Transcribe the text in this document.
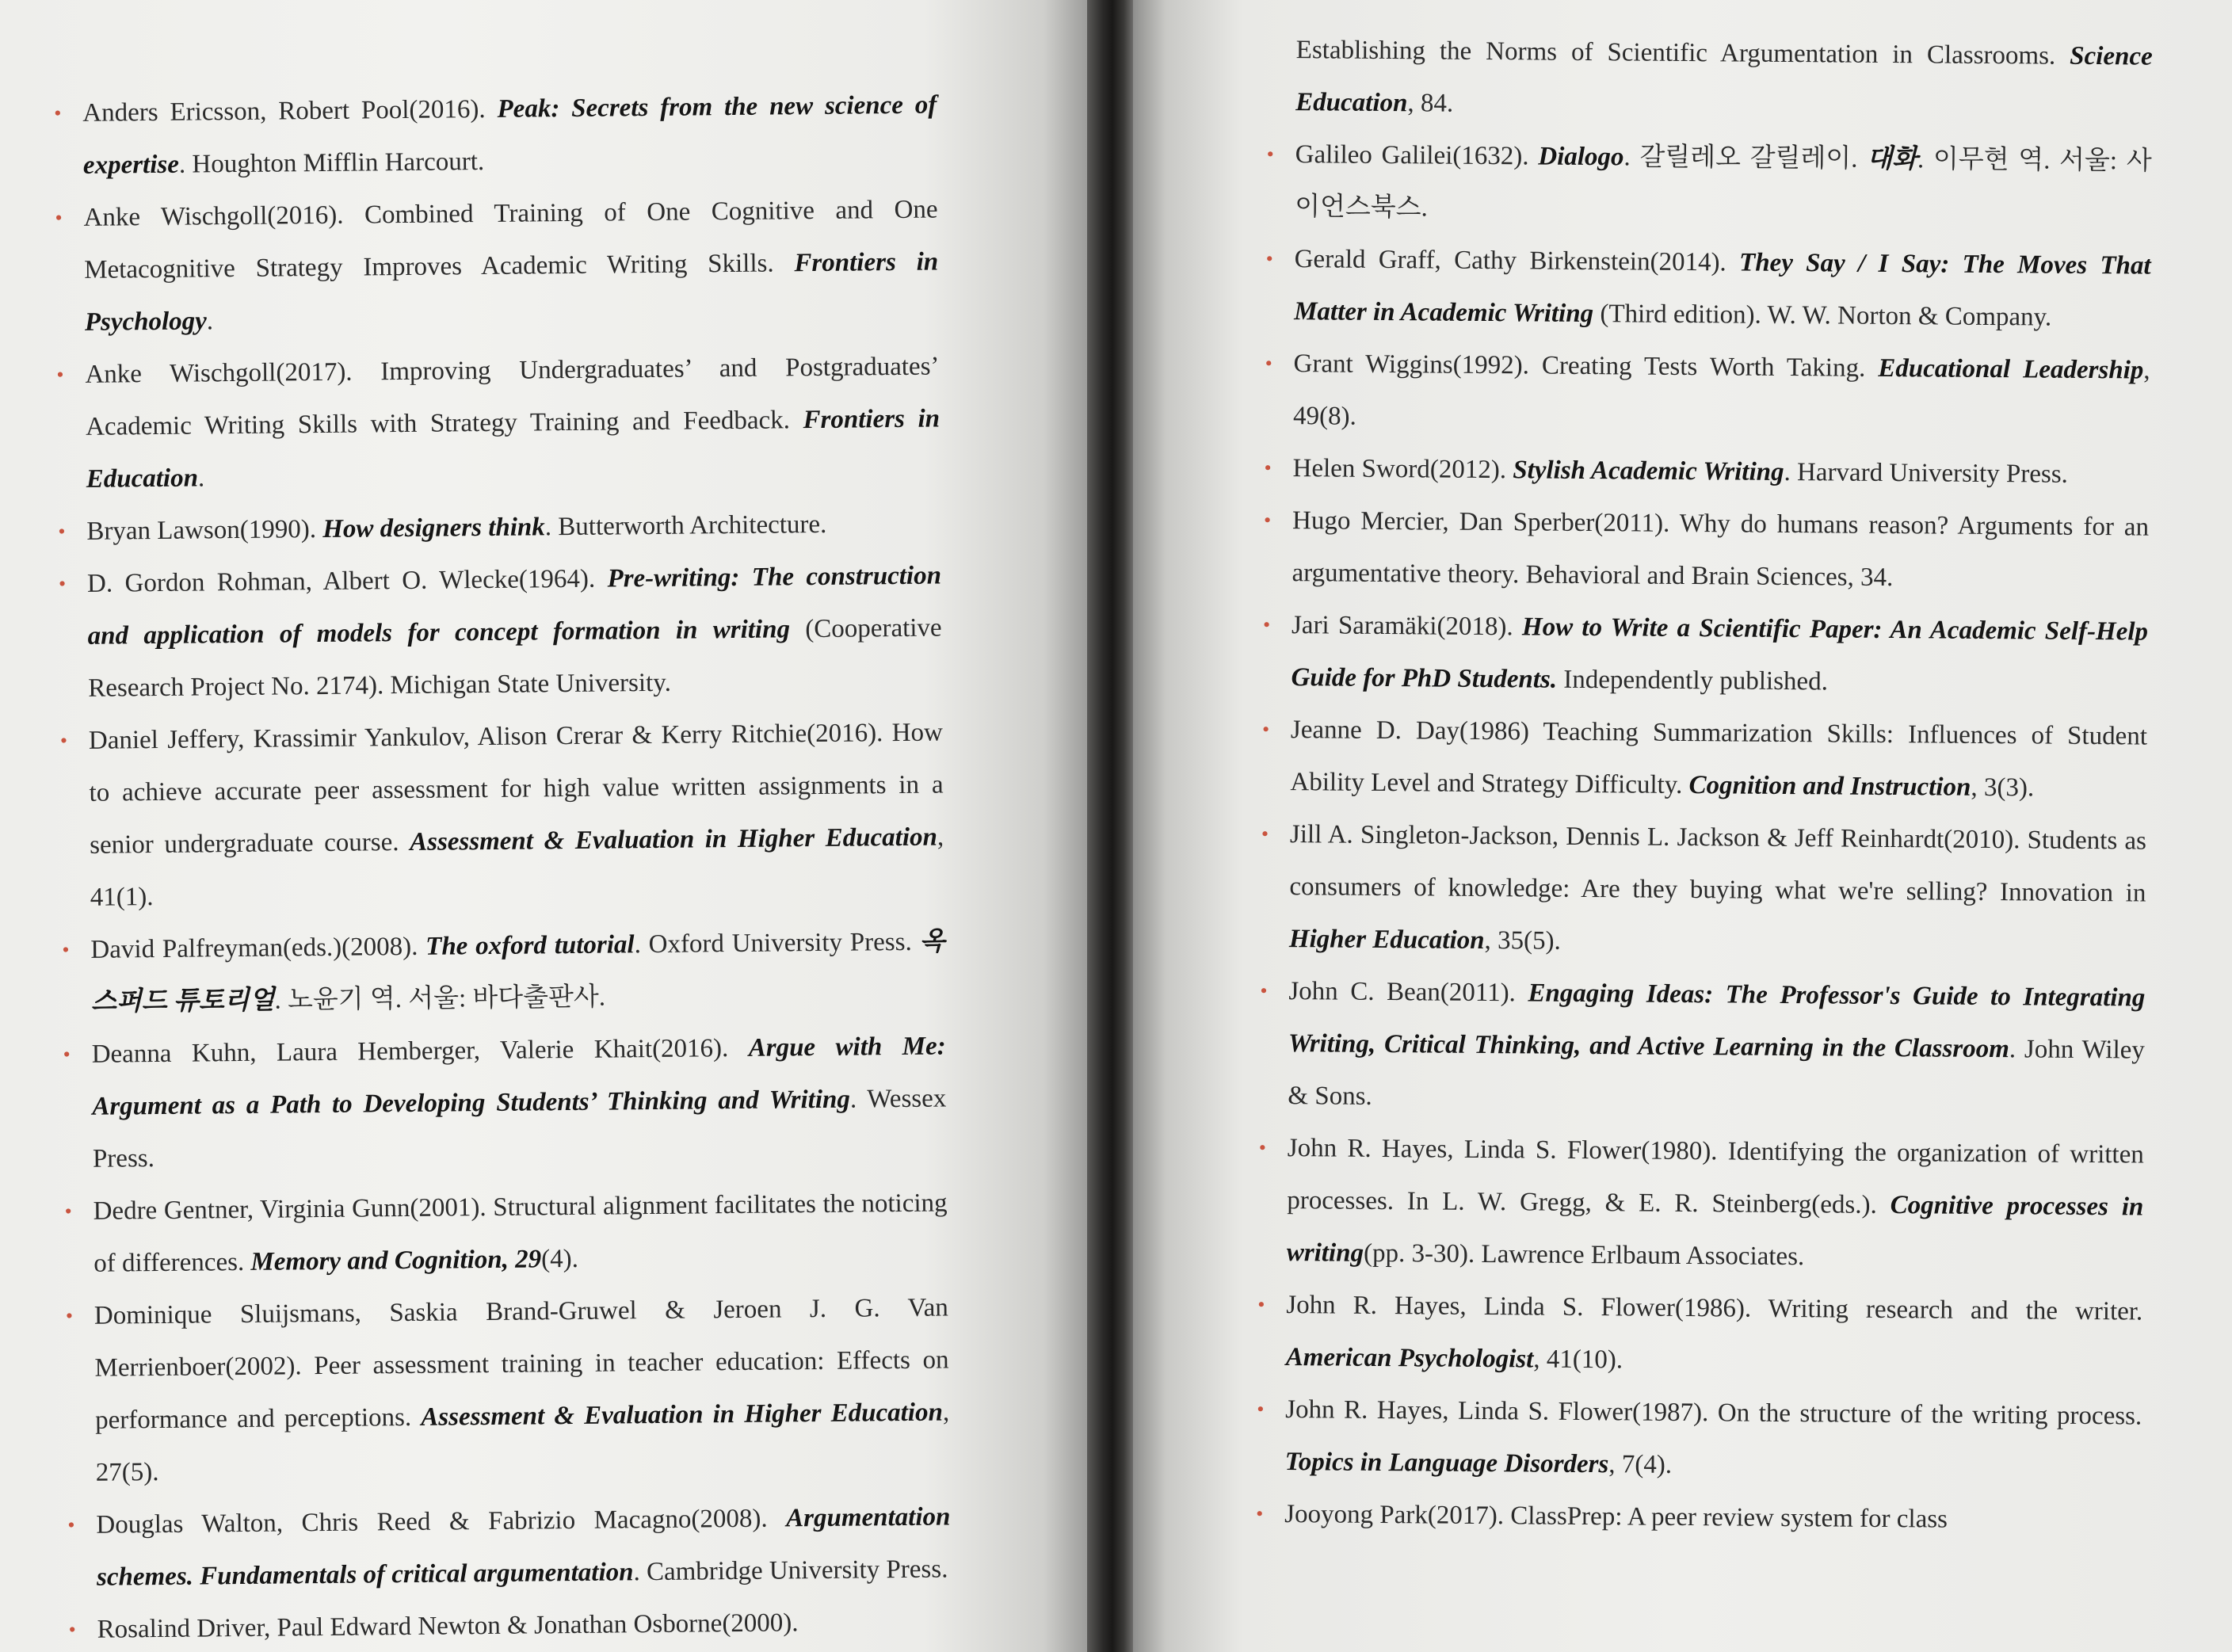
• Anders Ericsson, Robert Pool(2016). Peak: Secrets from the new science of expertise. Houghton Mifflin Harcourt.
• Anke Wischgoll(2016). Combined Training of One Cognitive and One Metacognitive Strategy Improves Academic Writing Skills. Frontiers in Psychology.
• Anke Wischgoll(2017). Improving Undergraduates’ and Postgraduates’ Academic Writing Skills with Strategy Training and Feedback. Frontiers in Education.
• Bryan Lawson(1990). How designers think. Butterworth Architecture.
• D. Gordon Rohman, Albert O. Wlecke(1964). Pre-writing: The construction and application of models for concept formation in writing (Cooperative Research Project No. 2174). Michigan State University.
• Daniel Jeffery, Krassimir Yankulov, Alison Crerar & Kerry Ritchie(2016). How to achieve accurate peer assessment for high value written assignments in a senior undergraduate course. Assessment & Evaluation in Higher Education, 41(1).
• David Palfreyman(eds.)(2008). The oxford tutorial. Oxford University Press. 옥스퍼드 튜토리얼. 노윤기 역. 서울: 바다출판사.
• Deanna Kuhn, Laura Hemberger, Valerie Khait(2016). Argue with Me: Argument as a Path to Developing Students’ Thinking and Writing. Wessex Press.
• Dedre Gentner, Virginia Gunn(2001). Structural alignment facilitates the noticing of differences. Memory and Cognition, 29(4).
• Dominique Sluijsmans, Saskia Brand-Gruwel & Jeroen J. G. Van Merrienboer(2002). Peer assessment training in teacher education: Effects on performance and perceptions. Assessment & Evaluation in Higher Education, 27(5).
• Douglas Walton, Chris Reed & Fabrizio Macagno(2008). Argumentation schemes. Fundamentals of critical argumentation. Cambridge University Press.
• Rosalind Driver, Paul Edward Newton & Jonathan Osborne(2000).
Establishing the Norms of Scientific Argumentation in Classrooms. Science Education, 84.
• Galileo Galilei(1632). Dialogo. 갈릴레오 갈릴레이. 대화. 이무현 역. 서울: 사이언스북스.
• Gerald Graff, Cathy Birkenstein(2014). They Say / I Say: The Moves That Matter in Academic Writing (Third edition). W. W. Norton & Company.
• Grant Wiggins(1992). Creating Tests Worth Taking. Educational Leadership, 49(8).
• Helen Sword(2012). Stylish Academic Writing. Harvard University Press.
• Hugo Mercier, Dan Sperber(2011). Why do humans reason? Arguments for an argumentative theory. Behavioral and Brain Sciences, 34.
• Jari Saramäki(2018). How to Write a Scientific Paper: An Academic Self-Help Guide for PhD Students. Independently published.
• Jeanne D. Day(1986) Teaching Summarization Skills: Influences of Student Ability Level and Strategy Difficulty. Cognition and Instruction, 3(3).
• Jill A. Singleton-Jackson, Dennis L. Jackson & Jeff Reinhardt(2010). Students as consumers of knowledge: Are they buying what we're selling? Innovation in Higher Education, 35(5).
• John C. Bean(2011). Engaging Ideas: The Professor's Guide to Integrating Writing, Critical Thinking, and Active Learning in the Classroom. John Wiley & Sons.
• John R. Hayes, Linda S. Flower(1980). Identifying the organization of written processes. In L. W. Gregg, & E. R. Steinberg(eds.). Cognitive processes in writing(pp. 3-30). Lawrence Erlbaum Associates.
• John R. Hayes, Linda S. Flower(1986). Writing research and the writer. American Psychologist, 41(10).
• John R. Hayes, Linda S. Flower(1987). On the structure of the writing process. Topics in Language Disorders, 7(4).
• Jooyong Park(2017). ClassPrep: A peer review system for class
